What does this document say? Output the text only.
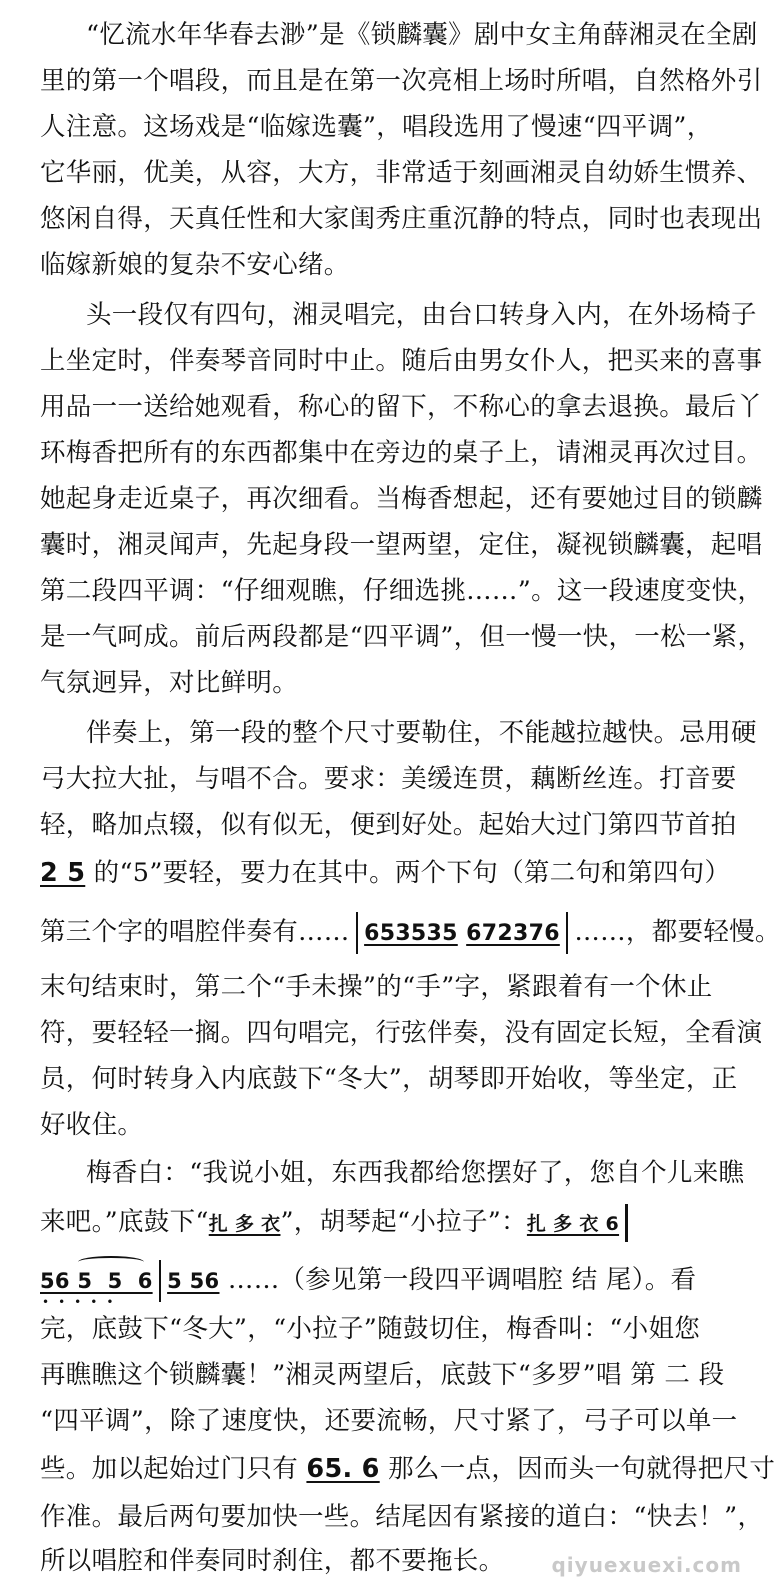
“忆流水年华春去渺”是《锁麟囊》剧中女主角薛湘灵在全剧
里的第一个唱段，而且是在第一次亮相上场时所唱，自然格外引
人注意。这场戏是“临嫁选囊”，唱段选用了慢速“四平调”，
它华丽，优美，从容，大方，非常适于刻画湘灵自幼娇生惯养、
悠闲自得，天真任性和大家闺秀庄重沉静的特点，同时也表现出
临嫁新娘的复杂不安心绪。
头一段仅有四句，湘灵唱完，由台口转身入内，在外场椅子
上坐定时，伴奏琴音同时中止。随后由男女仆人，把买来的喜事
用品一一送给她观看，称心的留下，不称心的拿去退换。最后丫
环梅香把所有的东西都集中在旁边的桌子上，请湘灵再次过目。
她起身走近桌子，再次细看。当梅香想起，还有要她过目的锁麟
囊时，湘灵闻声，先起身段一望两望，定住，凝视锁麟囊，起唱
第二段四平调：“仔细观瞧，仔细选挑……”。这一段速度变快，
是一气呵成。前后两段都是“四平调”，但一慢一快，一松一紧，
气氛迥异，对比鲜明。
伴奏上，第一段的整个尺寸要勒住，不能越拉越快。忌用硬
弓大拉大扯，与唱不合。要求：美缓连贯，藕断丝连。打音要
轻，略加点辍，似有似无，便到好处。起始大过门第四节首拍
2 5 的“5”要轻，要力在其中。两个下句（第二句和第四句）
第三个字的唱腔伴奏有…… 653535 672376 ……，都要轻慢。
末句结束时，第二个“手未操”的“手”字，紧跟着有一个休止
符，要轻轻一搁。四句唱完，行弦伴奏，没有固定长短，全看演
员，何时转身入内底鼓下“冬大”，胡琴即开始收，等坐定，正
好收住。
梅香白：“我说小姐，东西我都给您摆好了，您自个儿来瞧
来吧。”底鼓下“扎 多 衣”，胡琴起“小拉子”：扎 多 衣 6
56 5  5  6 5 56 ……（参见第一段四平调唱腔 结 尾）。看
•••••
完，底鼓下“冬大”，“小拉子”随鼓切住，梅香叫：“小姐您
再瞧瞧这个锁麟囊！”湘灵两望后，底鼓下“多罗”唱 第 二 段
“四平调”，除了速度快，还要流畅，尺寸紧了，弓子可以单一
些。加以起始过门只有 65. 6 那么一点，因而头一句就得把尺寸
qiyuexuexi.com
作准。最后两句要加快一些。结尾因有紧接的道白：“快去！”，
所以唱腔和伴奏同时刹住，都不要拖长。
